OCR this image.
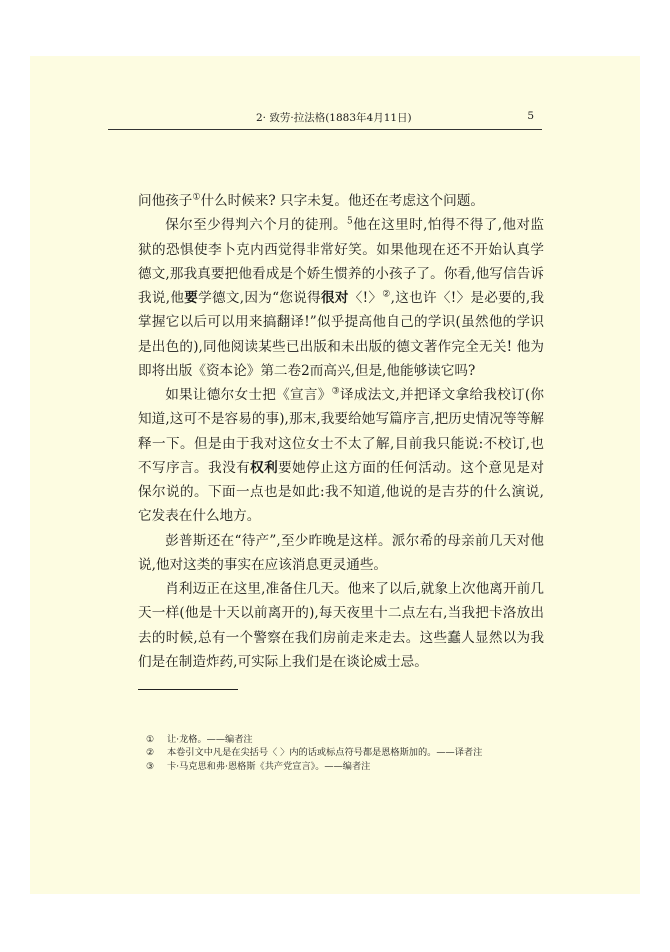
2· 致劳·拉法格(1883年4月11日)	5

问他孩子①什么时候来? 只字未复。他还在考虑这个问题。

保尔至少得判六个月的徒刑。$^5$他在这里时,怕得不得了,他对监狱的恐惧使李卜克内西觉得非常好笑。如果他现在还不开始认真学德文,那我真要把他看成是个娇生惯养的小孩子了。你看,他写信告诉我说,他要学德文,因为“您说得很对〈!〉②,这也许〈!〉是必要的,我掌握它以后可以用来搞翻译!”似乎提高他自己的学识(虽然他的学识是出色的),同他阅读某些已出版和未出版的德文著作完全无关! 他为即将出版《资本论》第二卷2而高兴,但是,他能够读它吗?

如果让德尔女士把《宣言》③译成法文,并把译文拿给我校订(你知道,这可不是容易的事),那末,我要给她写篇序言,把历史情况等等解释一下。但是由于我对这位女士不太了解,目前我只能说:不校订,也不写序言。我没有权利要她停止这方面的任何活动。这个意见是对保尔说的。下面一点也是如此:我不知道,他说的是吉芬的什么演说,它发表在什么地方。

彭普斯还在“待产”,至少昨晚是这样。派尔希的母亲前几天对他说,他对这类的事实在应该消息更灵通些。

肖利迈正在这里,准备住几天。他来了以后,就象上次他离开前几天一样(他是十天以前离开的),每天夜里十二点左右,当我把卡洛放出去的时候,总有一个警察在我们房前走来走去。这些蠢人显然以为我们是在制造炸药,可实际上我们是在谈论威士忌。

① 让·龙格。——编者注
② 本卷引文中凡是在尖括号〈 〉内的话或标点符号都是恩格斯加的。——译者注
③ 卡·马克思和弗·恩格斯《共产党宣言》。——编者注
